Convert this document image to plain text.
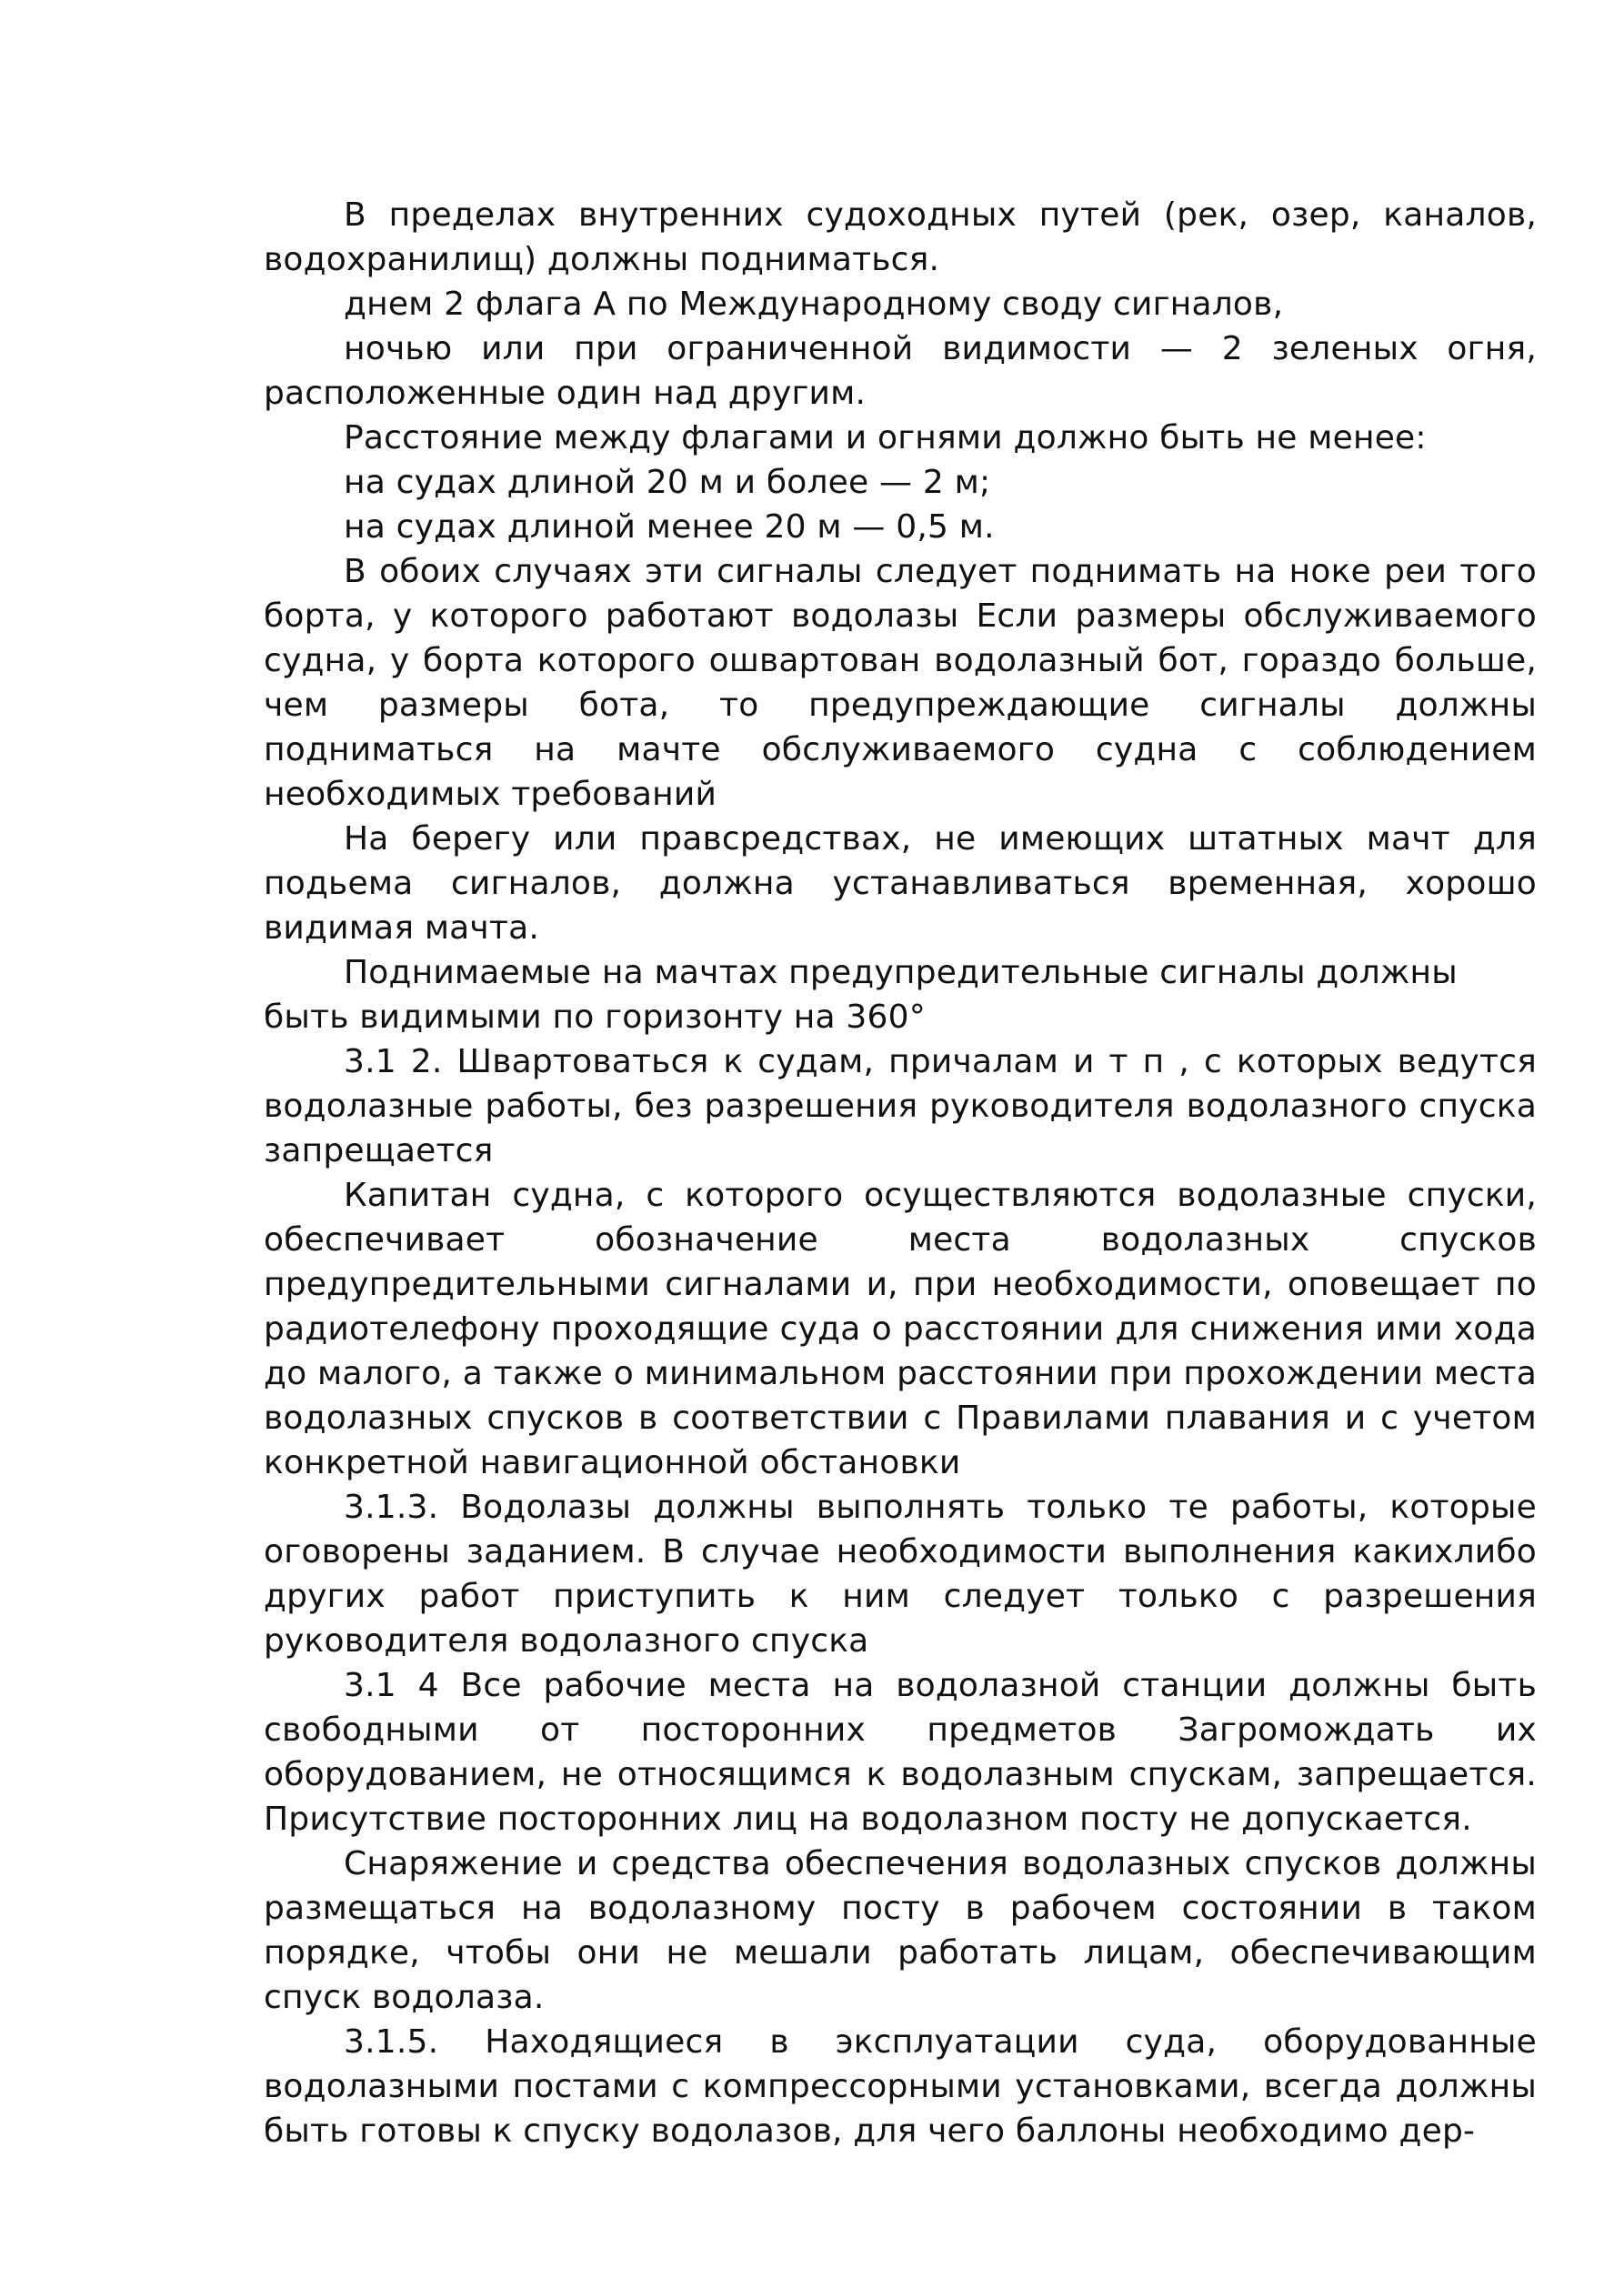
В пределах внутренних судоходных путей (рек, озер, каналов, водохранилищ) должны подниматься.

днем 2 флага А по Международному своду сигналов,

ночью или при ограниченной видимости — 2 зеленых огня, расположенные один над другим.

Расстояние между флагами и огнями должно быть не менее:

на судах длиной 20 м и более — 2 м;

на судах длиной менее 20 м — 0,5 м.

В обоих случаях эти сигналы следует поднимать на ноке реи того борта, у которого работают водолазы Если размеры обслуживаемого судна, у борта которого ошвартован водолазный бот, гораздо больше, чем размеры бота, то предупреждающие сигналы должны подниматься на мачте обслуживаемого судна с соблюдением необходимых требований

На берегу или правсредствах, не имеющих штатных мачт для подьема сигналов, должна устанавливаться временная, хорошо видимая мачта.

Поднимаемые на мачтах предупредительные сигналы должны быть видимыми по горизонту на 360°

3.1 2. Швартоваться к судам, причалам и т п , с которых ведутся водолазные работы, без разрешения руководителя водолазного спуска запрещается

Капитан судна, с которого осуществляются водолазные спуски, обеспечивает обозначение места водолазных спусков предупредительными сигналами и, при необходимости, оповещает по радиотелефону проходящие суда о расстоянии для снижения ими хода до малого, а также о минимальном расстоянии при прохождении места водолазных спусков в соответствии с Правилами плавания и с учетом конкретной навигационной обстановки

3.1.3. Водолазы должны выполнять только те работы, которые оговорены заданием. В случае необходимости выполнения какихлибо других работ приступить к ним следует только с разрешения руководителя водолазного спуска

3.1 4 Все рабочие места на водолазной станции должны быть свободными от посторонних предметов Загромождать их оборудованием, не относящимся к водолазным спускам, запрещается. Присутствие посторонних лиц на водолазном посту не допускается.

Снаряжение и средства обеспечения водолазных спусков должны размещаться на водолазному посту в рабочем состоянии в таком порядке, чтобы они не мешали работать лицам, обеспечивающим спуск водолаза.

3.1.5. Находящиеся в эксплуатации суда, оборудованные водолазными постами с компрессорными установками, всегда должны быть готовы к спуску водолазов, для чего баллоны необходимо дер-
